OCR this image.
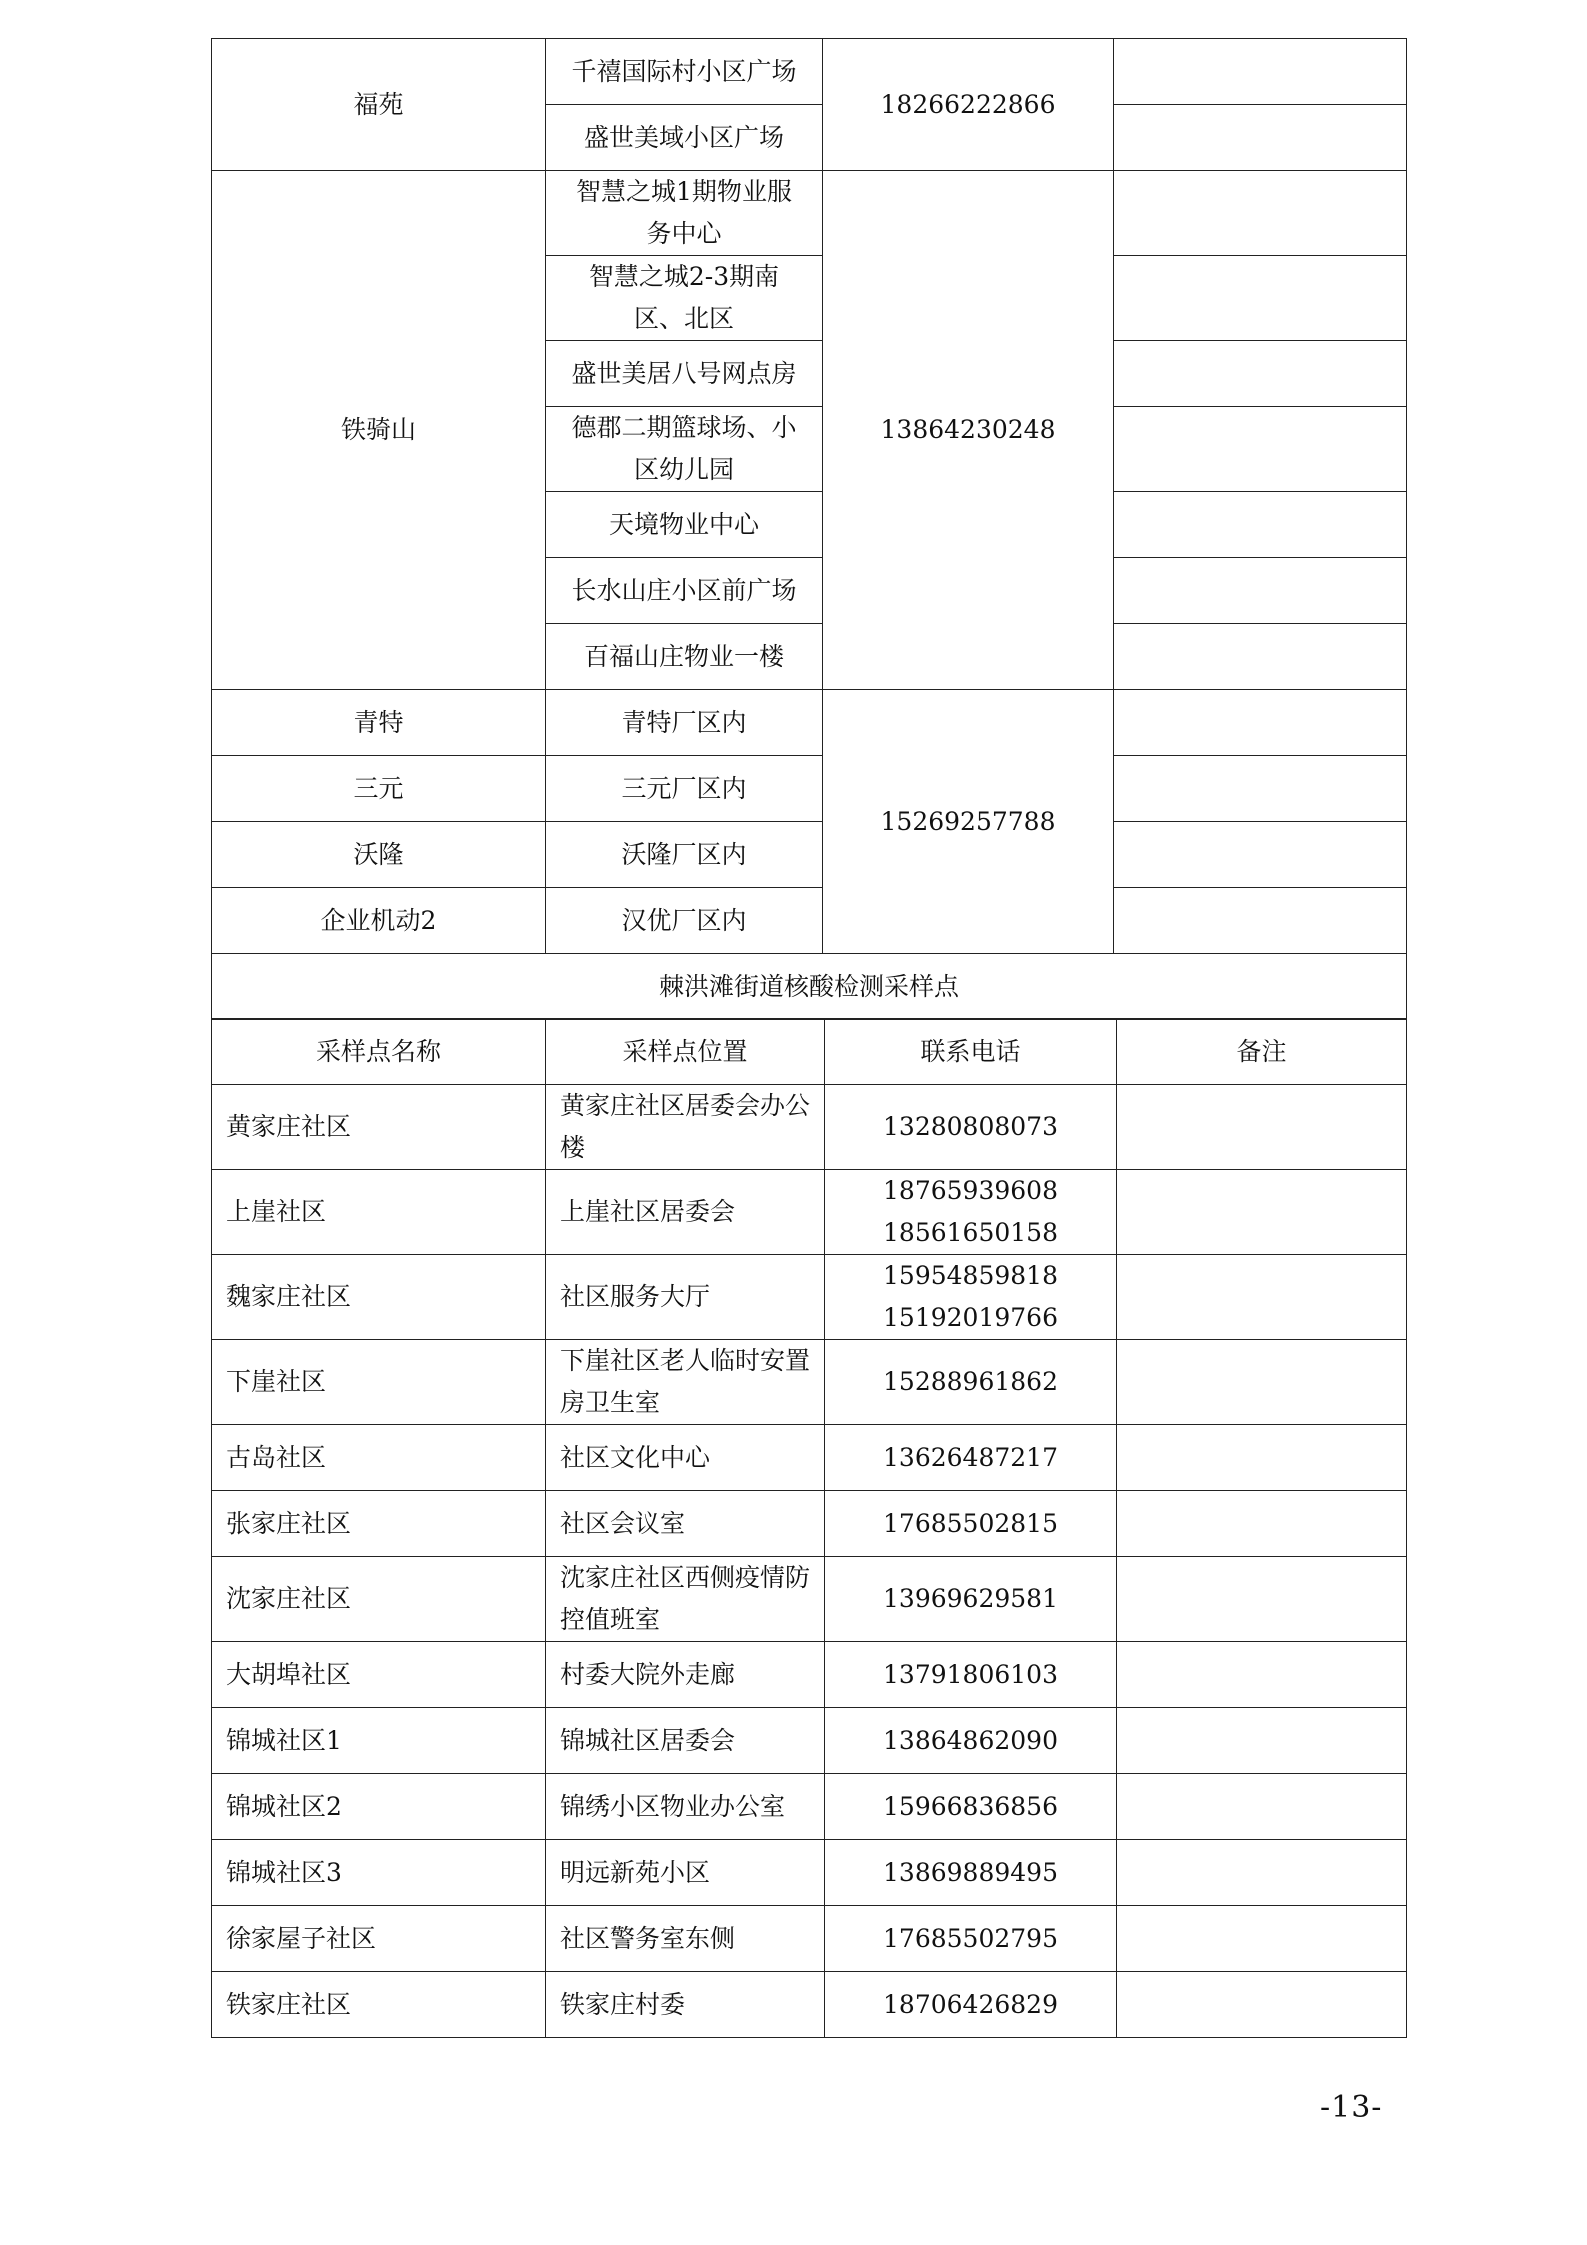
福苑	千禧国际村小区广场	18266222866	
	盛世美域小区广场		
铁骑山	智慧之城1期物业服务中心	13864230248	

	智慧之城2-3期南区、北区		

	盛世美居八号网点房		

	德郡二期篮球场、小区幼儿园		

	天境物业中心		
	长水山庄小区前广场		
	百福山庄物业一楼		
青特	青特厂区内	15269257788	
三元	三元厂区内		
沃隆	沃隆厂区内		
企业机动2	汉优厂区内		
棘洪滩街道核酸检测采样点			
采样点名称	采样点位置	联系电话	备注
黄家庄社区	黄家庄社区居委会办公楼	13280808073	
上崖社区	上崖社区居委会	18765939608
18561650158	

魏家庄社区	社区服务大厅	15954859818
15192019766	

下崖社区	下崖社区老人临时安置房卫生室	15288961862	
古岛社区	社区文化中心	13626487217	
张家庄社区	社区会议室	17685502815	
沈家庄社区	沈家庄社区西侧疫情防控值班室	13969629581	
大胡埠社区	村委大院外走廊	13791806103	
锦城社区1	锦城社区居委会	13864862090	
锦城社区2	锦绣小区物业办公室	15966836856	
锦城社区3	明远新苑小区	13869889495	
徐家屋子社区	社区警务室东侧	17685502795	
铁家庄社区	铁家庄村委	18706426829	
-13-
